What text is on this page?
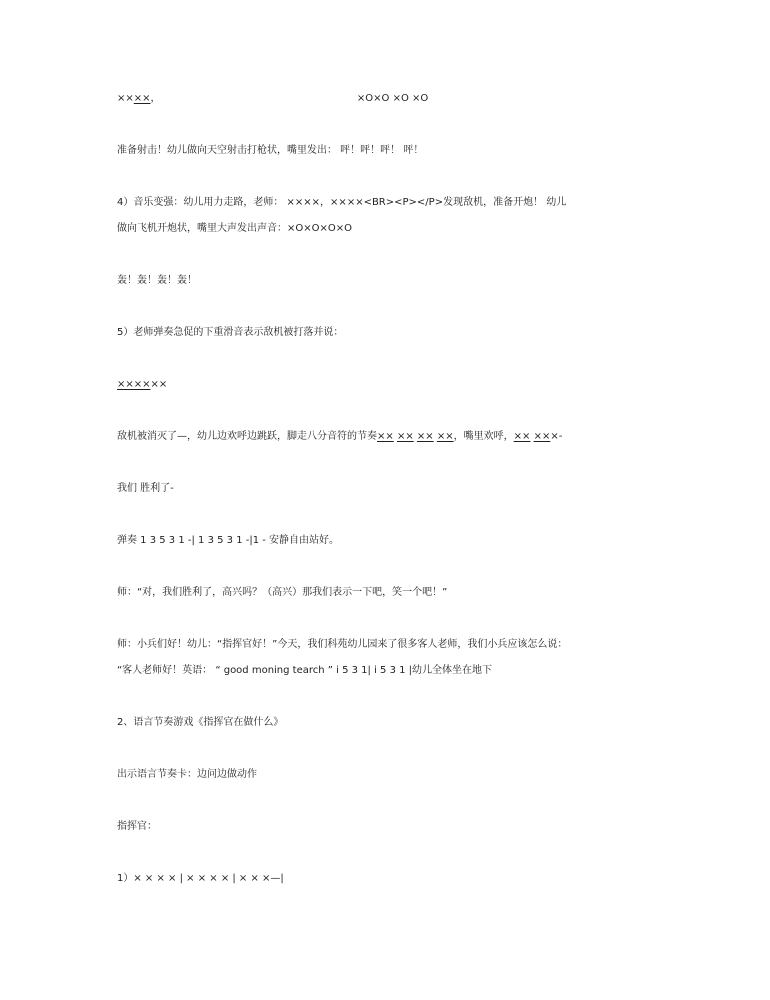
××××，	×O×O ×O ×O
准备射击！幼儿做向天空射击打枪状，嘴里发出： 呯！呯！呯！ 呯！
4）音乐变强：幼儿用力走路，老师： ××××，××××<BR><P></P>发现敌机，准备开炮！ 幼儿
做向飞机开炮状，嘴里大声发出声音：×O×O×O×O
轰！轰！轰！轰！
5）老师弹奏急促的下重滑音表示敌机被打落并说：
××××××
敌机被消灭了—，幼儿边欢呼边跳跃，脚走八分音符的节奏×× ×× ×× ××，嘴里欢呼，×× ×××-
我们 胜利了-
弹奏 1 3 5 3 1 -| 1 3 5 3 1 -|1 - 安静自由站好。
师：“对，我们胜利了，高兴吗？（高兴）那我们表示一下吧，笑一个吧！”
师：小兵们好！幼儿：“指挥官好！”今天，我们科苑幼儿园来了很多客人老师，我们小兵应该怎么说：
“客人老师好！英语： “ good moning tearch ” i 5 3 1| i 5 3 1 |幼儿全体坐在地下
2、语言节奏游戏《指挥官在做什么》
出示语言节奏卡：边问边做动作
指挥官：
1）× × × × | × × × × | × × ×—|
